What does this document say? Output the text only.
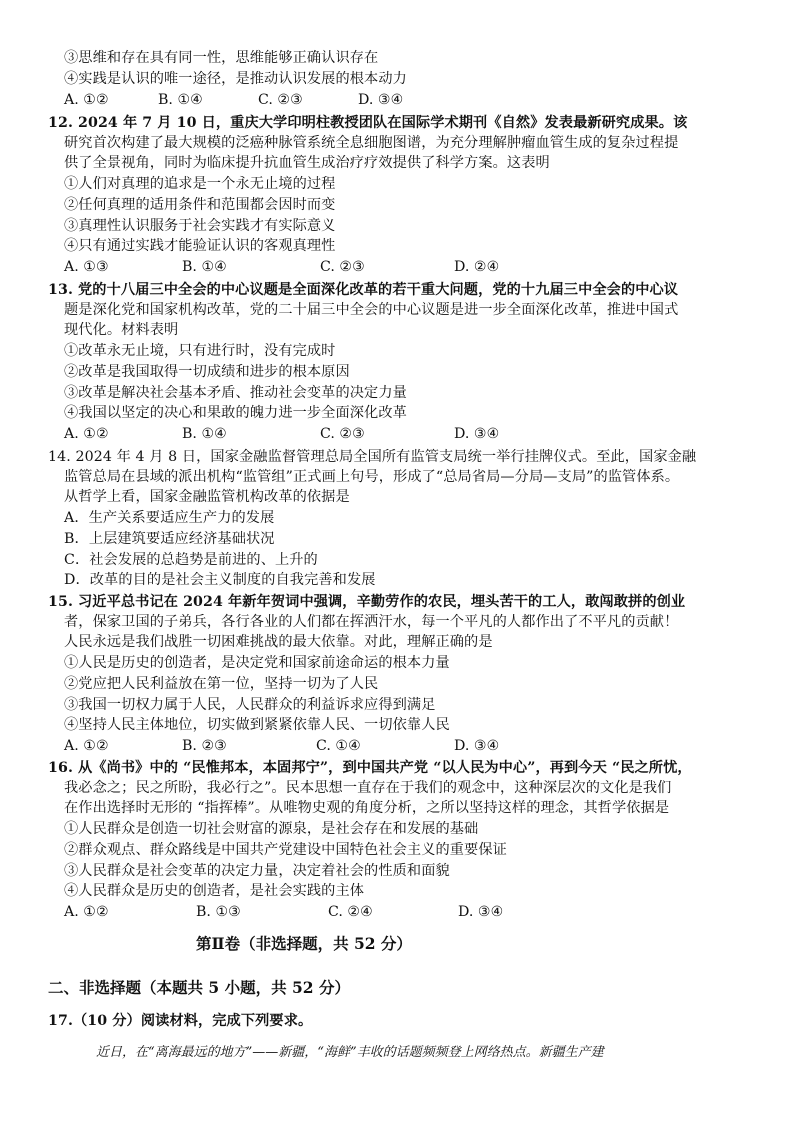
③思维和存在具有同一性，思维能够正确认识存在
④实践是认识的唯一途径，是推动认识发展的根本动力
A. ①②	B. ①④	C. ②③	D. ③④
12. 2024 年 7 月 10 日，重庆大学印明柱教授团队在国际学术期刊《自然》发表最新研究成果。该
研究首次构建了最大规模的泛癌种脉管系统全息细胞图谱，为充分理解肿瘤血管生成的复杂过程提
供了全景视角，同时为临床提升抗血管生成治疗疗效提供了科学方案。这表明
①人们对真理的追求是一个永无止境的过程
②任何真理的适用条件和范围都会因时而变
③真理性认识服务于社会实践才有实际意义
④只有通过实践才能验证认识的客观真理性
A. ①③	B. ①④	C. ②③	D. ②④
13. 党的十八届三中全会的中心议题是全面深化改革的若干重大问题，党的十九届三中全会的中心议
题是深化党和国家机构改革，党的二十届三中全会的中心议题是进一步全面深化改革，推进中国式
现代化。材料表明
①改革永无止境，只有进行时，没有完成时
②改革是我国取得一切成绩和进步的根本原因
③改革是解决社会基本矛盾、推动社会变革的决定力量
④我国以坚定的决心和果敢的魄力进一步全面深化改革
A. ①②	B. ①④	C. ②③	D. ③④
14. 2024 年 4 月 8 日，国家金融监督管理总局全国所有监管支局统一举行挂牌仪式。至此，国家金融
监管总局在县域的派出机构“监管组”正式画上句号，形成了“总局省局—分局—支局”的监管体系。
从哲学上看，国家金融监管机构改革的依据是
A．生产关系要适应生产力的发展
B．上层建筑要适应经济基础状况
C．社会发展的总趋势是前进的、上升的
D．改革的目的是社会主义制度的自我完善和发展
15. 习近平总书记在 2024 年新年贺词中强调，辛勤劳作的农民，埋头苦干的工人，敢闯敢拼的创业
者，保家卫国的子弟兵，各行各业的人们都在挥洒汗水，每一个平凡的人都作出了不平凡的贡献！
人民永远是我们战胜一切困难挑战的最大依靠。对此，理解正确的是
①人民是历史的创造者，是决定党和国家前途命运的根本力量
②党应把人民利益放在第一位，坚持一切为了人民
③我国一切权力属于人民，人民群众的利益诉求应得到满足
④坚持人民主体地位，切实做到紧紧依靠人民、一切依靠人民
A. ①②	B. ②③	C. ①④	D. ③④
16. 从《尚书》中的 “民惟邦本，本固邦宁”，到中国共产党 “以人民为中心”，再到今天 “民之所忧，
我必念之；民之所盼，我必行之”。民本思想一直存在于我们的观念中，这种深层次的文化是我们
在作出选择时无形的 “指挥棒”。从唯物史观的角度分析，之所以坚持这样的理念，其哲学依据是
①人民群众是创造一切社会财富的源泉，是社会存在和发展的基础
②群众观点、群众路线是中国共产党建设中国特色社会主义的重要保证
③人民群众是社会变革的决定力量，决定着社会的性质和面貌
④人民群众是历史的创造者，是社会实践的主体
A. ①②	B. ①③	C. ②④	D. ③④
第Ⅱ卷（非选择题，共 52 分）
二、非选择题（本题共 5 小题，共 52 分）
17.（10 分）阅读材料，完成下列要求。
近日，在“离海最远的地方”——新疆，“海鲜”丰收的话题频频登上网络热点。新疆生产建
